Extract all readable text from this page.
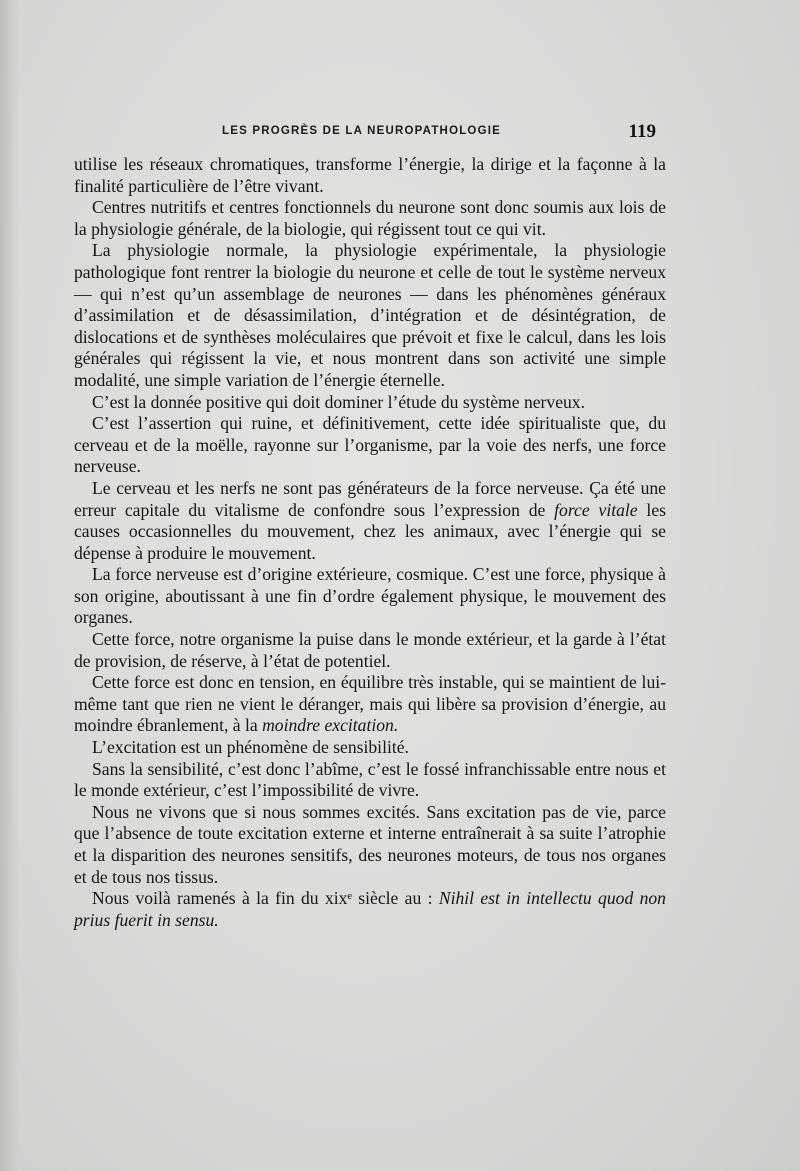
LES PROGRÈS DE LA NEUROPATHOLOGIE	119

utilise les réseaux chromatiques, transforme l’énergie, la dirige et la façonne à la finalité particulière de l’être vivant.

Centres nutritifs et centres fonctionnels du neurone sont donc soumis aux lois de la physiologie générale, de la biologie, qui régissent tout ce qui vit.

La physiologie normale, la physiologie expérimentale, la physiologie pathologique font rentrer la biologie du neurone et celle de tout le système nerveux — qui n’est qu’un assemblage de neurones — dans les phénomènes généraux d’assimilation et de désassimilation, d’intégration et de désintégration, de dislocations et de synthèses moléculaires que prévoit et fixe le calcul, dans les lois générales qui régissent la vie, et nous montrent dans son activité une simple modalité, une simple variation de l’énergie éternelle.

C’est la donnée positive qui doit dominer l’étude du système nerveux.

C’est l’assertion qui ruine, et définitivement, cette idée spiritualiste que, du cerveau et de la moëlle, rayonne sur l’organisme, par la voie des nerfs, une force nerveuse.

Le cerveau et les nerfs ne sont pas générateurs de la force nerveuse. Ça été une erreur capitale du vitalisme de confondre sous l’expression de force vitale les causes occasionnelles du mouvement, chez les animaux, avec l’énergie qui se dépense à produire le mouvement.

La force nerveuse est d’origine extérieure, cosmique. C’est une force, physique à son origine, aboutissant à une fin d’ordre également physique, le mouvement des organes.

Cette force, notre organisme la puise dans le monde extérieur, et la garde à l’état de provision, de réserve, à l’état de potentiel.

Cette force est donc en tension, en équilibre très instable, qui se maintient de lui-même tant que rien ne vient le déranger, mais qui libère sa provision d’énergie, au moindre ébranlement, à la moindre excitation.

L’excitation est un phénomène de sensibilité.

Sans la sensibilité, c’est donc l’abîme, c’est le fossé infranchissable entre nous et le monde extérieur, c’est l’impossibilité de vivre.

Nous ne vivons que si nous sommes excités. Sans excitation pas de vie, parce que l’absence de toute excitation externe et interne entraînerait à sa suite l’atrophie et la disparition des neurones sensitifs, des neurones moteurs, de tous nos organes et de tous nos tissus.

Nous voilà ramenés à la fin du xixᵉ siècle au : Nihil est in intellectu quod non prius fuerit in sensu.
